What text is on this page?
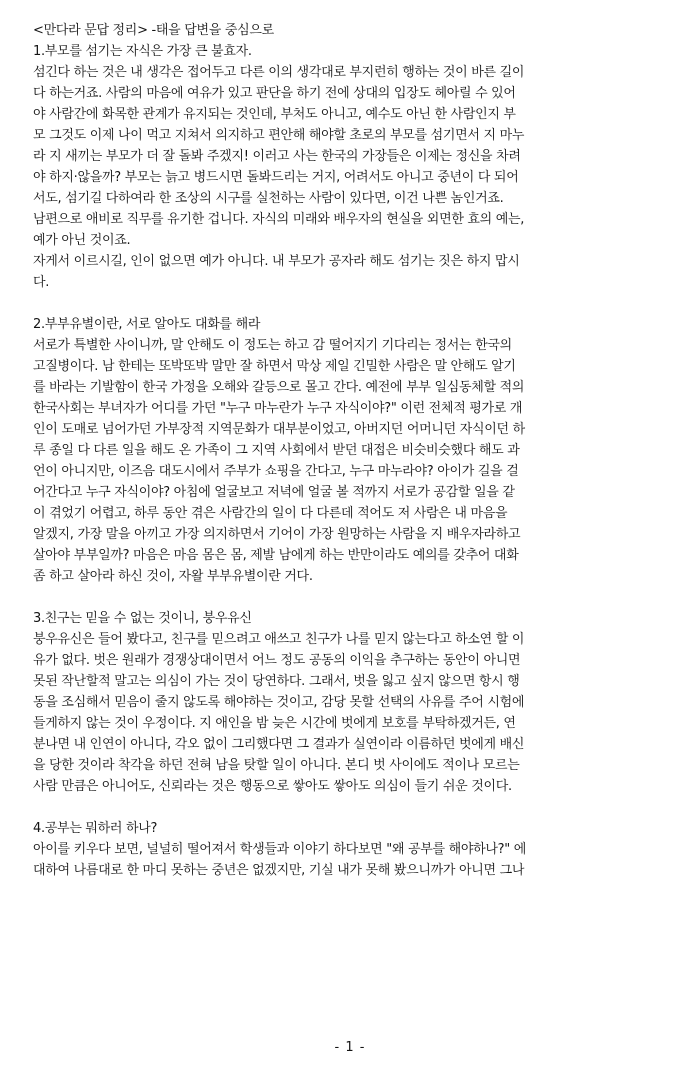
<만다라 문답 정리> -태을 답변을 중심으로
1.부모를 섬기는 자식은 가장 큰 불효자.
섬긴다 하는 것은 내 생각은 접어두고 다른 이의 생각대로 부지런히 행하는 것이 바른 길이
다 하는거죠. 사람의 마음에 여유가 있고 판단을 하기 전에 상대의 입장도 헤아릴 수 있어
야 사람간에 화목한 관계가 유지되는 것인데, 부처도 아니고, 예수도 아닌 한 사람인지 부
모 그것도 이제 나이 먹고 지쳐서 의지하고 편안해 해야할 초로의 부모를 섬기면서 지 마누
라 지 새끼는 부모가 더 잘 돌봐 주겠지! 이러고 사는 한국의 가장들은 이제는 정신을 차려
야 하지·않을까? 부모는 늙고 병드시면 돌봐드리는 거지, 어려서도 아니고 중년이 다 되어
서도, 섬기길 다하여라 한 조상의 시구를 실천하는 사람이 있다면, 이건 나쁜 놈인거죠.
남편으로 애비로 직무를 유기한 겁니다. 자식의 미래와 배우자의 현실을 외면한 효의 예는,
예가 아닌 것이죠.
자게서 이르시길, 인이 없으면 예가 아니다. 내 부모가 공자라 해도 섬기는 짓은 하지 맙시
다.
2.부부유별이란, 서로 알아도 대화를 해라
서로가 특별한 사이니까, 말 안해도 이 정도는 하고 감 떨어지기 기다리는 정서는 한국의
고질병이다. 남 한테는 또박또박 말만 잘 하면서 막상 제일 긴밀한 사람은 말 안해도 알기
를 바라는 기발함이 한국 가정을 오해와 갈등으로 몰고 간다. 예전에 부부 일심동체할 적의
한국사회는 부녀자가 어디를 가던 "누구 마누란가 누구 자식이야?" 이런 전체적 평가로 개
인이 도매로 넘어가던 가부장적 지역문화가 대부분이었고, 아버지던 어머니던 자식이던 하
루 종일 다 다른 일을 해도 온 가족이 그 지역 사회에서 받던 대접은 비슷비슷했다 해도 과
언이 아니지만, 이즈음 대도시에서 주부가 쇼핑을 간다고, 누구 마누라야? 아이가 길을 걸
어간다고 누구 자식이야? 아침에 얼굴보고 저녁에 얼굴 볼 적까지 서로가 공감할 일을 같
이 겪었기 어렵고, 하루 동안 겪은 사람간의 일이 다 다른데 적어도 저 사람은 내 마음을
알겠지, 가장 말을 아끼고 가장 의지하면서 기어이 가장 원망하는 사람을 지 배우자라하고
살아야 부부일까? 마음은 마음 몸은 몸, 제발 남에게 하는 반만이라도 예의를 갖추어 대화
좀 하고 살아라 하신 것이, 자왈 부부유별이란 거다.
3.친구는 믿을 수 없는 것이니, 붕우유신
붕우유신은 들어 봤다고, 친구를 믿으려고 애쓰고 친구가 나를 믿지 않는다고 하소연 할 이
유가 없다. 벗은 원래가 경쟁상대이면서 어느 정도 공동의 이익을 추구하는 동안이 아니면
못된 작난할적 말고는 의심이 가는 것이 당연하다. 그래서, 벗을 잃고 싶지 않으면 항시 행
동을 조심해서 믿음이 줄지 않도록 해야하는 것이고, 감당 못할 선택의 사유를 주어 시험에
들게하지 않는 것이 우정이다. 지 애인을 밤 늦은 시간에 벗에게 보호를 부탁하겠거든, 연
분나면 내 인연이 아니다, 각오 없이 그리했다면 그 결과가 실연이라 이름하던 벗에게 배신
을 당한 것이라 착각을 하던 전혀 남을 탓할 일이 아니다. 본디 벗 사이에도 적이나 모르는
사람 만큼은 아니어도, 신뢰라는 것은 행동으로 쌓아도 쌓아도 의심이 들기 쉬운 것이다.
4.공부는 뭐하러 하나?
아이를 키우다 보면, 널널히 떨어져서 학생들과 이야기 하다보면 "왜 공부를 해야하나?" 에
대하여 나름대로 한 마디 못하는 중년은 없겠지만, 기실 내가 못해 봤으니까가 아니면 그나
- 1 -
